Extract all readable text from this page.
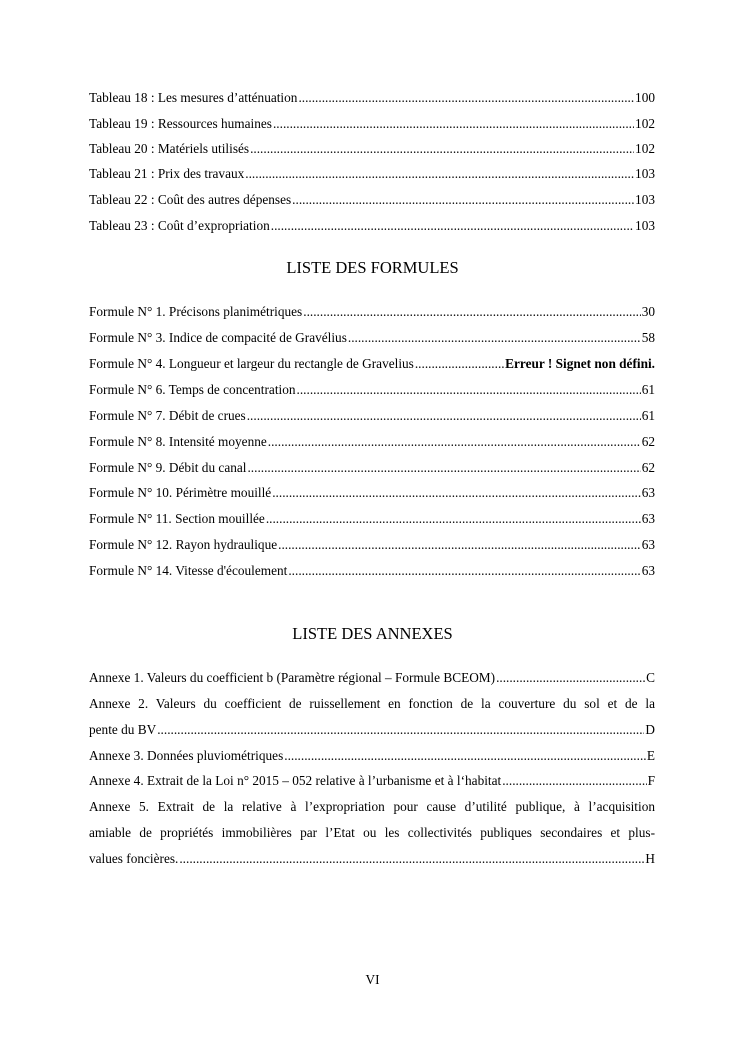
Tableau 18 : Les mesures d’atténuation .....	100
Tableau 19 : Ressources humaines .....	102
Tableau 20 : Matériels utilisés .....	102
Tableau 21 : Prix des travaux .....	103
Tableau 22 : Coût des autres dépenses .....	103
Tableau 23 : Coût d’expropriation .....	103
LISTE DES FORMULES
Formule N° 1. Précisons planimétriques .....	30
Formule N° 3. Indice de compacité de Gravélius .....	58
Formule N° 4. Longueur et largeur du rectangle de Gravelius .....	Erreur ! Signet non défini.
Formule N° 6. Temps de concentration .....	61
Formule N° 7. Débit de crues .....	61
Formule N° 8. Intensité moyenne .....	62
Formule N° 9. Débit du canal .....	62
Formule N° 10. Périmètre mouillé .....	63
Formule N° 11. Section mouillée .....	63
Formule N° 12. Rayon hydraulique .....	63
Formule N° 14. Vitesse d'écoulement .....	63
LISTE DES ANNEXES
Annexe 1. Valeurs du coefficient b (Paramètre régional – Formule BCEOM) .....	C
Annexe 2. Valeurs du coefficient de ruissellement en fonction de la couverture du sol et de la
pente du BV .....	D
Annexe 3. Données pluviométriques .....	E
Annexe 4. Extrait de la Loi n° 2015 – 052 relative à l’urbanisme et à l‘habitat .....	F
Annexe 5. Extrait de la relative à l’expropriation pour cause d’utilité publique, à l’acquisition
amiable de propriétés immobilières par l’Etat ou les collectivités publiques secondaires et plus-
values foncières. .....	H
VI
